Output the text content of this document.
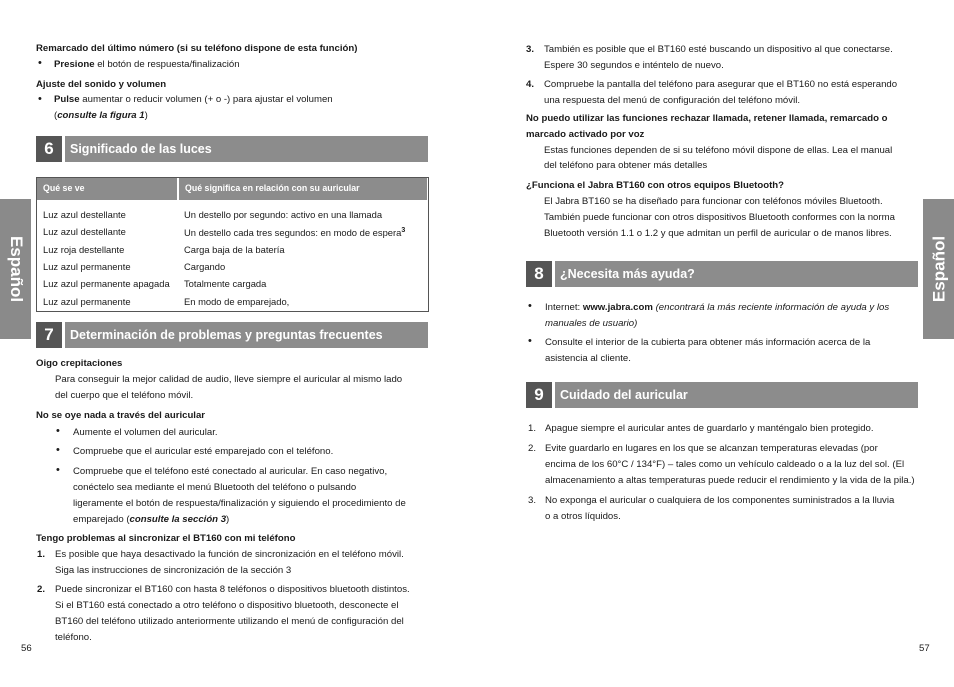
Español	Español
Remarcado del último número (si su teléfono dispone de esta función)
• Presione el botón de respuesta/finalización
Ajuste del sonido y volumen
• Pulse aumentar o reducir volumen (+ o -) para ajustar el volumen
(consulte la figura 1)
6	Significado de las luces
Qué se ve	Qué significa en relación con su auricular

Luz azul destellante	Un destello por segundo: activo en una llamada
Luz azul destellante	Un destello cada tres segundos: en modo de espera$^3$
Luz roja destellante	Carga baja de la batería
Luz azul permanente	Cargando
Luz azul permanente apagada	Totalmente cargada
Luz azul permanente	En modo de emparejado,
7	Determinación de problemas y preguntas frecuentes
Oigo crepitaciones
Para conseguir la mejor calidad de audio, lleve siempre el auricular al mismo lado
del cuerpo que el teléfono móvil.
No se oye nada a través del auricular
• Aumente el volumen del auricular.
• Compruebe que el auricular esté emparejado con el teléfono.
• Compruebe que el teléfono esté conectado al auricular. En caso negativo,
conéctelo sea mediante el menú Bluetooth del teléfono o pulsando
ligeramente el botón de respuesta/finalización y siguiendo el procedimiento de
emparejado (consulte la sección 3)
Tengo problemas al sincronizar el BT160 con mi teléfono
1. Es posible que haya desactivado la función de sincronización en el teléfono móvil.
Siga las instrucciones de sincronización de la sección 3
2. Puede sincronizar el BT160 con hasta 8 teléfonos o dispositivos bluetooth distintos.
Si el BT160 está conectado a otro teléfono o dispositivo bluetooth, desconecte el
BT160 del teléfono utilizado anteriormente utilizando el menú de configuración del
teléfono.
56
3. También es posible que el BT160 esté buscando un dispositivo al que conectarse.
Espere 30 segundos e inténtelo de nuevo.
4. Compruebe la pantalla del teléfono para asegurar que el BT160 no está esperando
una respuesta del menú de configuración del teléfono móvil.
No puedo utilizar las funciones rechazar llamada, retener llamada, remarcado o
marcado activado por voz
Estas funciones dependen de si su teléfono móvil dispone de ellas. Lea el manual
del teléfono para obtener más detalles
¿Funciona el Jabra BT160 con otros equipos Bluetooth?
El Jabra BT160 se ha diseñado para funcionar con teléfonos móviles Bluetooth.
También puede funcionar con otros dispositivos Bluetooth conformes con la norma
Bluetooth versión 1.1 o 1.2 y que admitan un perfil de auricular o de manos libres.
8	¿Necesita más ayuda?
• Internet: www.jabra.com (encontrará la más reciente información de ayuda y los
manuales de usuario)
• Consulte el interior de la cubierta para obtener más información acerca de la
asistencia al cliente.
9	Cuidado del auricular
1. Apague siempre el auricular antes de guardarlo y manténgalo bien protegido.
2. Evite guardarlo en lugares en los que se alcanzan temperaturas elevadas (por
encima de los 60°C / 134°F) – tales como un vehículo caldeado o a la luz del sol. (El
almacenamiento a altas temperaturas puede reducir el rendimiento y la vida de la pila.)
3. No exponga el auricular o cualquiera de los componentes suministrados a la lluvia
o a otros líquidos.
57
